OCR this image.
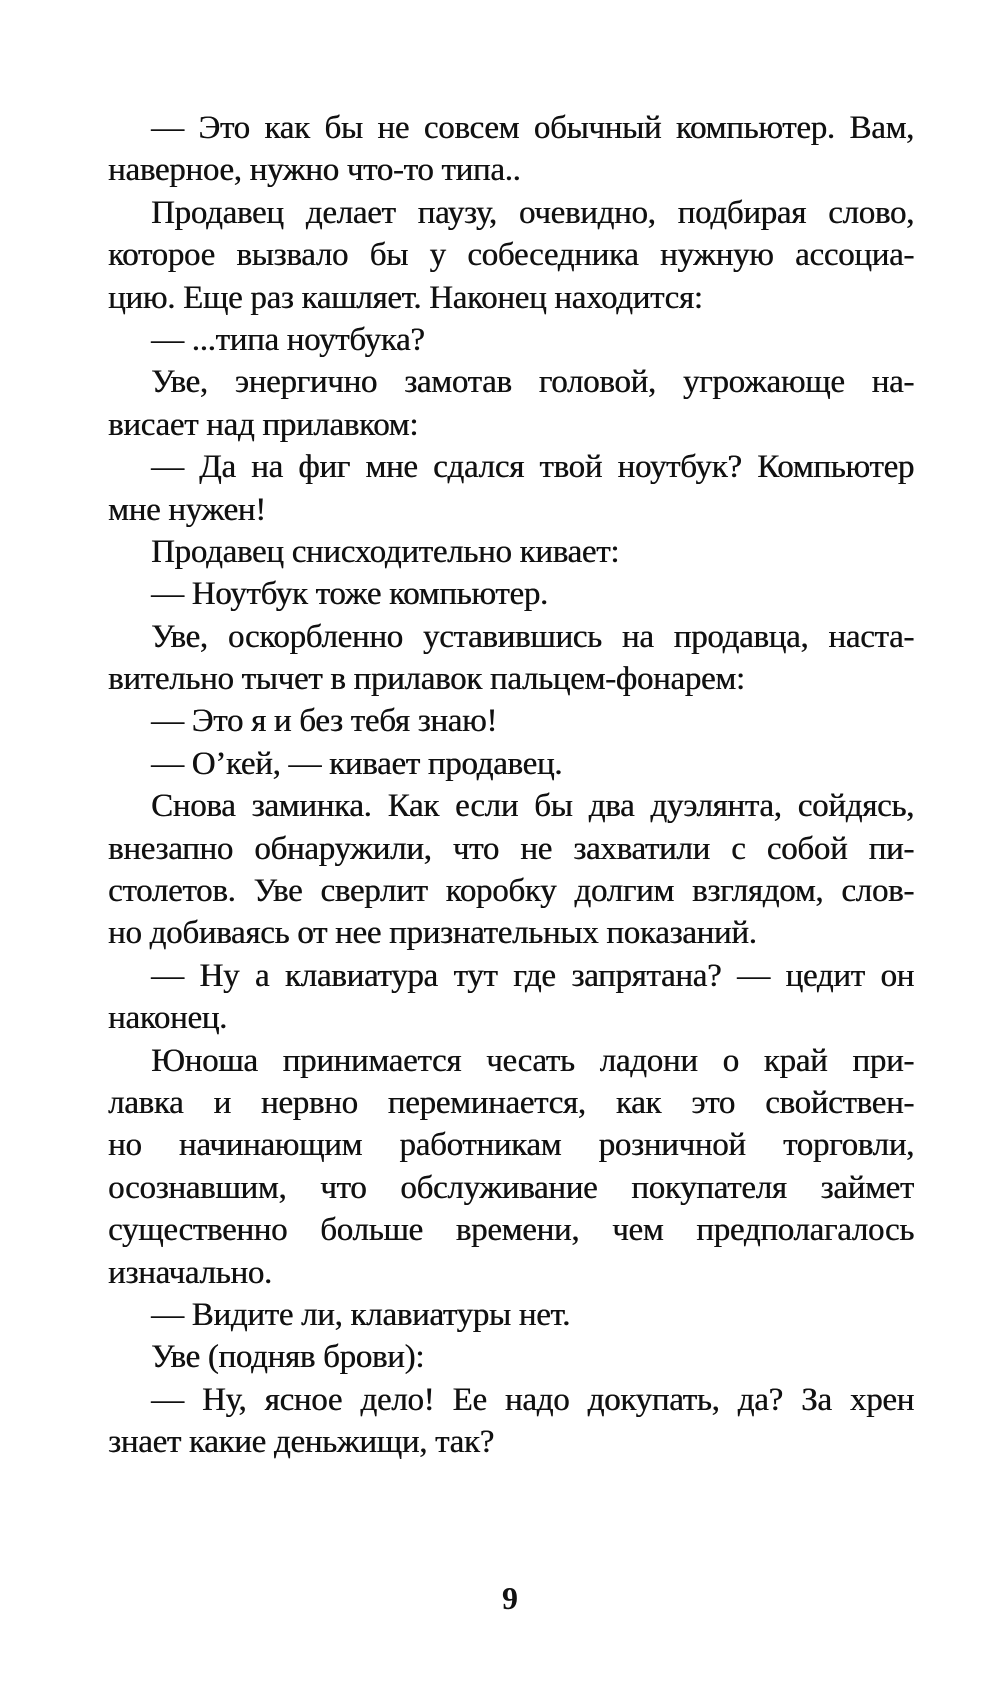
— Это как бы не совсем обычный компьютер. Вам,
наверное, нужно что-то типа..
Продавец делает паузу, очевидно, подбирая слово,
которое вызвало бы у собеседника нужную ассоциа-
цию. Еще раз кашляет. Наконец находится:
— ...типа ноутбука?
Уве, энергично замотав головой, угрожающе на-
висает над прилавком:
— Да на фиг мне сдался твой ноутбук? Компьютер
мне нужен!
Продавец снисходительно кивает:
— Ноутбук тоже компьютер.
Уве, оскорбленно уставившись на продавца, наста-
вительно тычет в прилавок пальцем-фонарем:
— Это я и без тебя знаю!
— О’кей, — кивает продавец.
Снова заминка. Как если бы два дуэлянта, сойдясь,
внезапно обнаружили, что не захватили с собой пи-
столетов. Уве сверлит коробку долгим взглядом, слов-
но добиваясь от нее признательных показаний.
— Ну а клавиатура тут где запрятана? — цедит он
наконец.
Юноша принимается чесать ладони о край при-
лавка и нервно переминается, как это свойствен-
но начинающим работникам розничной торговли,
осознавшим, что обслуживание покупателя займет
существенно больше времени, чем предполагалось
изначально.
— Видите ли, клавиатуры нет.
Уве (подняв брови):
— Ну, ясное дело! Ее надо докупать, да? За хрен
знает какие деньжищи, так?
9
